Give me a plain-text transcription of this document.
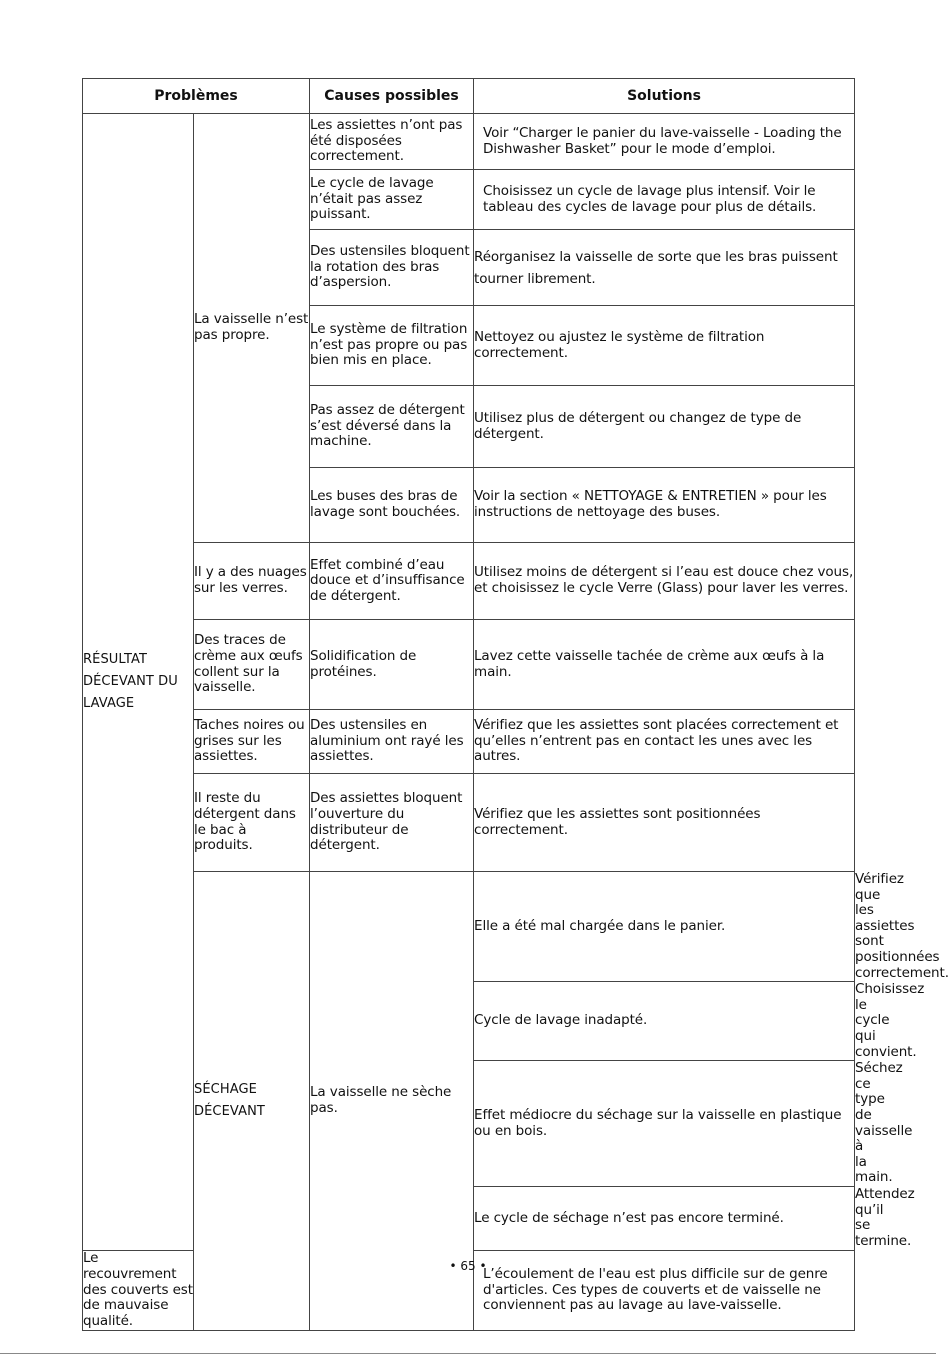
Problèmes		Causes possibles	Solutions	
RÉSULTAT DÉCEVANT DU LAVAGE	La vaisselle n’est pas propre.	Les assiettes n’ont pas été disposées correctement.	Voir “Charger le panier du lave-vaisselle - Loading the Dishwasher Basket” pour le mode d’emploi.	
		Le cycle de lavage n’était pas assez puissant.	Choisissez un cycle de lavage plus intensif. Voir le tableau des cycles de lavage pour plus de détails.	
		Des ustensiles bloquent la rotation des bras d’aspersion.	Réorganisez la vaisselle de sorte que les bras puissent tourner librement.	
		Le système de filtration n’est pas propre ou pas bien mis en place.	Nettoyez ou ajustez le système de filtration correctement.	
		Pas assez de détergent s’est déversé dans la machine.	Utilisez plus de détergent ou changez de type de détergent.	
		Les buses des bras de lavage sont bouchées.	Voir la section « NETTOYAGE & ENTRETIEN » pour les instructions de nettoyage des buses.	
	Il y a des nuages sur les verres.	Effet combiné d’eau douce et d’insuffisance de détergent.	Utilisez moins de détergent si l’eau est douce chez vous, et choisissez le cycle Verre (Glass) pour laver les verres.	
	Des traces de crème aux œufs collent sur la vaisselle.	Solidification de protéines.	Lavez cette vaisselle tachée de crème aux œufs à la main.	
	Taches noires ou grises sur les assiettes.	Des ustensiles en aluminium ont rayé les assiettes.	Vérifiez que les assiettes sont placées correctement et qu’elles n’entrent pas en contact les unes avec les autres.	
	Il reste du détergent dans le bac à produits.	Des assiettes bloquent l’ouverture du distributeur de détergent.	Vérifiez que les assiettes sont positionnées correctement.	
	SÉCHAGE DÉCEVANT	La vaisselle ne sèche pas.	Elle a été mal chargée dans le panier.	Vérifiez que les assiettes sont positionnées correctement.
			Cycle de lavage inadapté.	Choisissez le cycle qui convient.
			Effet médiocre du séchage sur la vaisselle en plastique ou en bois.	Séchez ce type de vaisselle à la main.
			Le cycle de séchage n’est pas encore terminé.	Attendez qu’il se termine.
Le recouvrement des couverts est de mauvaise qualité.			L’écoulement de l'eau est plus difficile sur de genre d'articles. Ces types de couverts et de vaisselle ne conviennent pas au lavage au lave-vaisselle.	
• 65 •
